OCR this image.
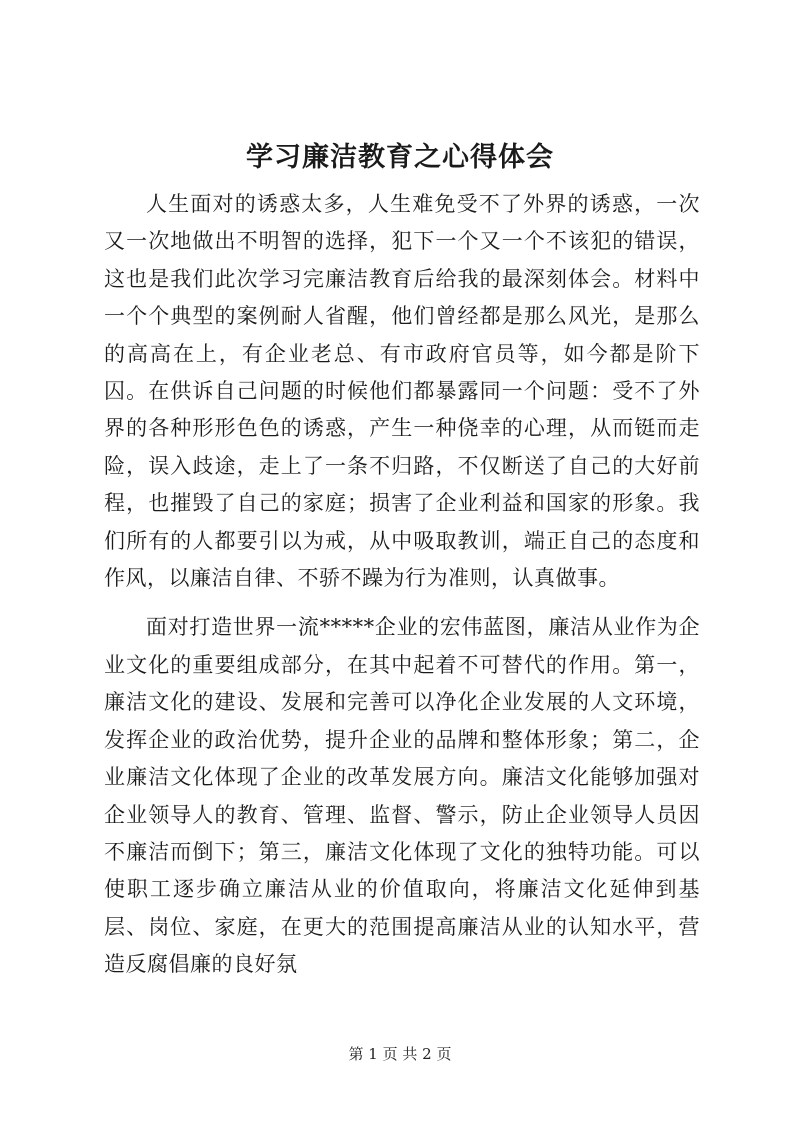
学习廉洁教育之心得体会

人生面对的诱惑太多，人生难免受不了外界的诱惑，一次又一次地做出不明智的选择，犯下一个又一个不该犯的错误，这也是我们此次学习完廉洁教育后给我的最深刻体会。材料中一个个典型的案例耐人省醒，他们曾经都是那么风光，是那么的高高在上，有企业老总、有市政府官员等，如今都是阶下囚。在供诉自己问题的时候他们都暴露同一个问题：受不了外界的各种形形色色的诱惑，产生一种侥幸的心理，从而铤而走险，误入歧途，走上了一条不归路，不仅断送了自己的大好前程，也摧毁了自己的家庭；损害了企业利益和国家的形象。我们所有的人都要引以为戒，从中吸取教训，端正自己的态度和作风，以廉洁自律、不骄不躁为行为准则，认真做事。

面对打造世界一流*****企业的宏伟蓝图，廉洁从业作为企业文化的重要组成部分，在其中起着不可替代的作用。第一，廉洁文化的建设、发展和完善可以净化企业发展的人文环境，发挥企业的政治优势，提升企业的品牌和整体形象；第二，企业廉洁文化体现了企业的改革发展方向。廉洁文化能够加强对企业领导人的教育、管理、监督、警示，防止企业领导人员因不廉洁而倒下；第三，廉洁文化体现了文化的独特功能。可以使职工逐步确立廉洁从业的价值取向，将廉洁文化延伸到基层、岗位、家庭，在更大的范围提高廉洁从业的认知水平，营造反腐倡廉的良好氛

第 1 页 共 2 页
